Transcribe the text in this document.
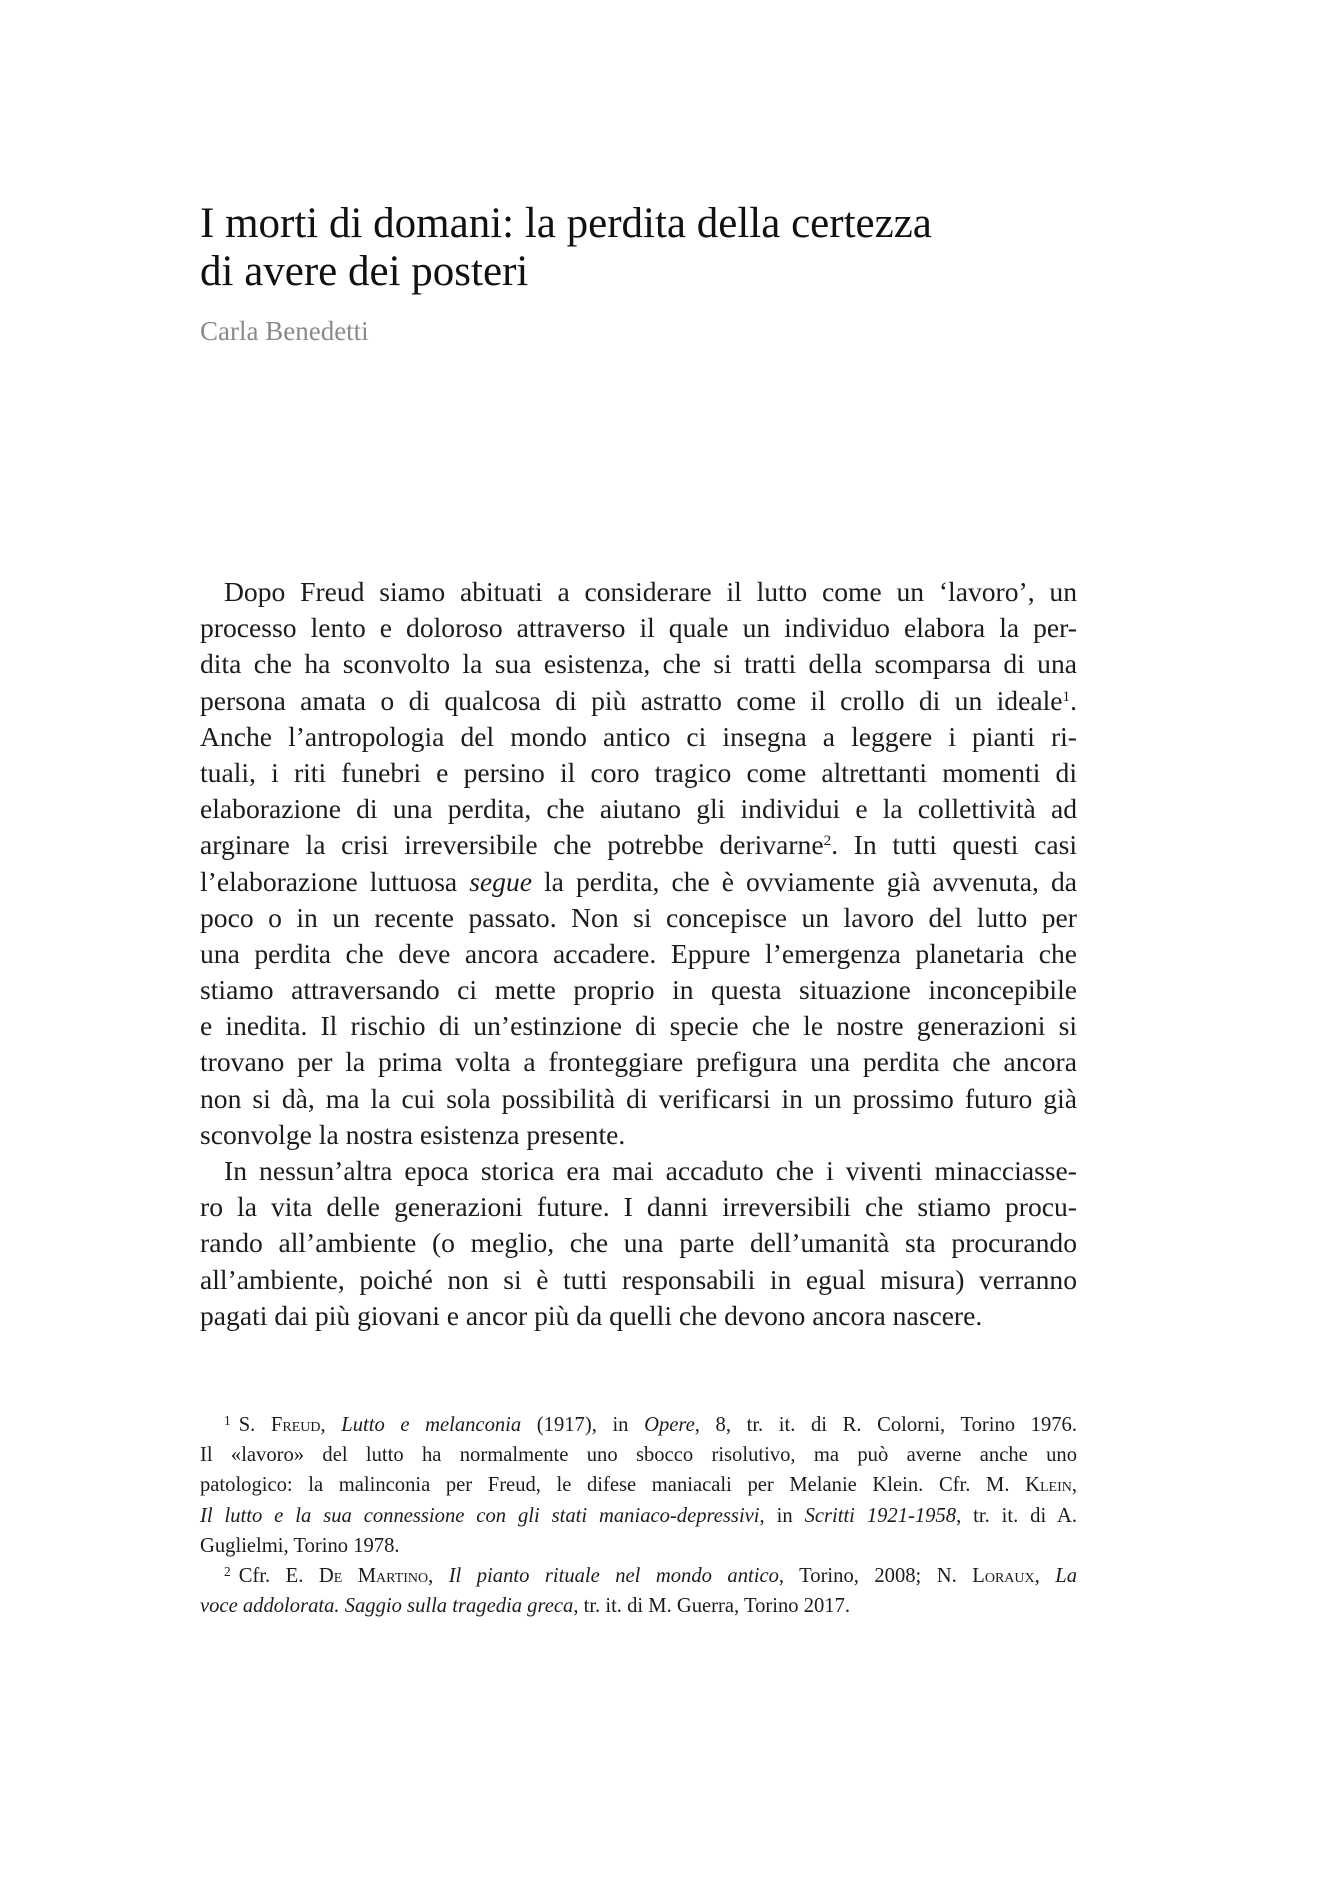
I morti di domani: la perdita della certezza
di avere dei posteri

Carla Benedetti

Dopo Freud siamo abituati a considerare il lutto come un ‘lavoro’, un
processo lento e doloroso attraverso il quale un individuo elabora la per-
dita che ha sconvolto la sua esistenza, che si tratti della scomparsa di una
persona amata o di qualcosa di più astratto come il crollo di un ideale$^1$.
Anche l’antropologia del mondo antico ci insegna a leggere i pianti ri-
tuali, i riti funebri e persino il coro tragico come altrettanti momenti di
elaborazione di una perdita, che aiutano gli individui e la collettività ad
arginare la crisi irreversibile che potrebbe derivarne$^2$. In tutti questi casi
l’elaborazione luttuosa segue la perdita, che è ovviamente già avvenuta, da
poco o in un recente passato. Non si concepisce un lavoro del lutto per
una perdita che deve ancora accadere. Eppure l’emergenza planetaria che
stiamo attraversando ci mette proprio in questa situazione inconcepibile
e inedita. Il rischio di un’estinzione di specie che le nostre generazioni si
trovano per la prima volta a fronteggiare prefigura una perdita che ancora
non si dà, ma la cui sola possibilità di verificarsi in un prossimo futuro già
sconvolge la nostra esistenza presente.
In nessun’altra epoca storica era mai accaduto che i viventi minacciasse-
ro la vita delle generazioni future. I danni irreversibili che stiamo procu-
rando all’ambiente (o meglio, che una parte dell’umanità sta procurando
all’ambiente, poiché non si è tutti responsabili in egual misura) verranno
pagati dai più giovani e ancor più da quelli che devono ancora nascere.
$^1$ S. Freud, Lutto e melanconia (1917), in Opere, 8, tr. it. di R. Colorni, Torino 1976.
Il «lavoro» del lutto ha normalmente uno sbocco risolutivo, ma può averne anche uno
patologico: la malinconia per Freud, le difese maniacali per Melanie Klein. Cfr. M. Klein,
Il lutto e la sua connessione con gli stati maniaco-depressivi, in Scritti 1921-1958, tr. it. di A.
Guglielmi, Torino 1978.
$^2$ Cfr. E. De Martino, Il pianto rituale nel mondo antico, Torino, 2008; N. Loraux, La
voce addolorata. Saggio sulla tragedia greca, tr. it. di M. Guerra, Torino 2017.
